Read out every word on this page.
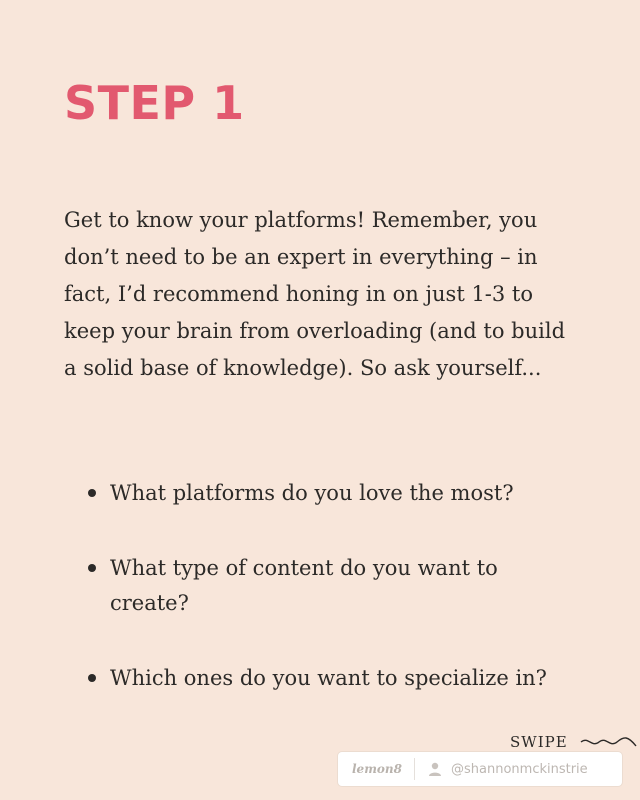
STEP 1

Get to know your platforms! Remember, you don’t need to be an expert in everything – in fact, I’d recommend honing in on just 1-3 to keep your brain from overloading (and to build a solid base of knowledge). So ask yourself...

What platforms do you love the most?
What type of content do you want to create?
Which ones do you want to specialize in?
SWIPE
lemon8	@shannonmckinstrie
